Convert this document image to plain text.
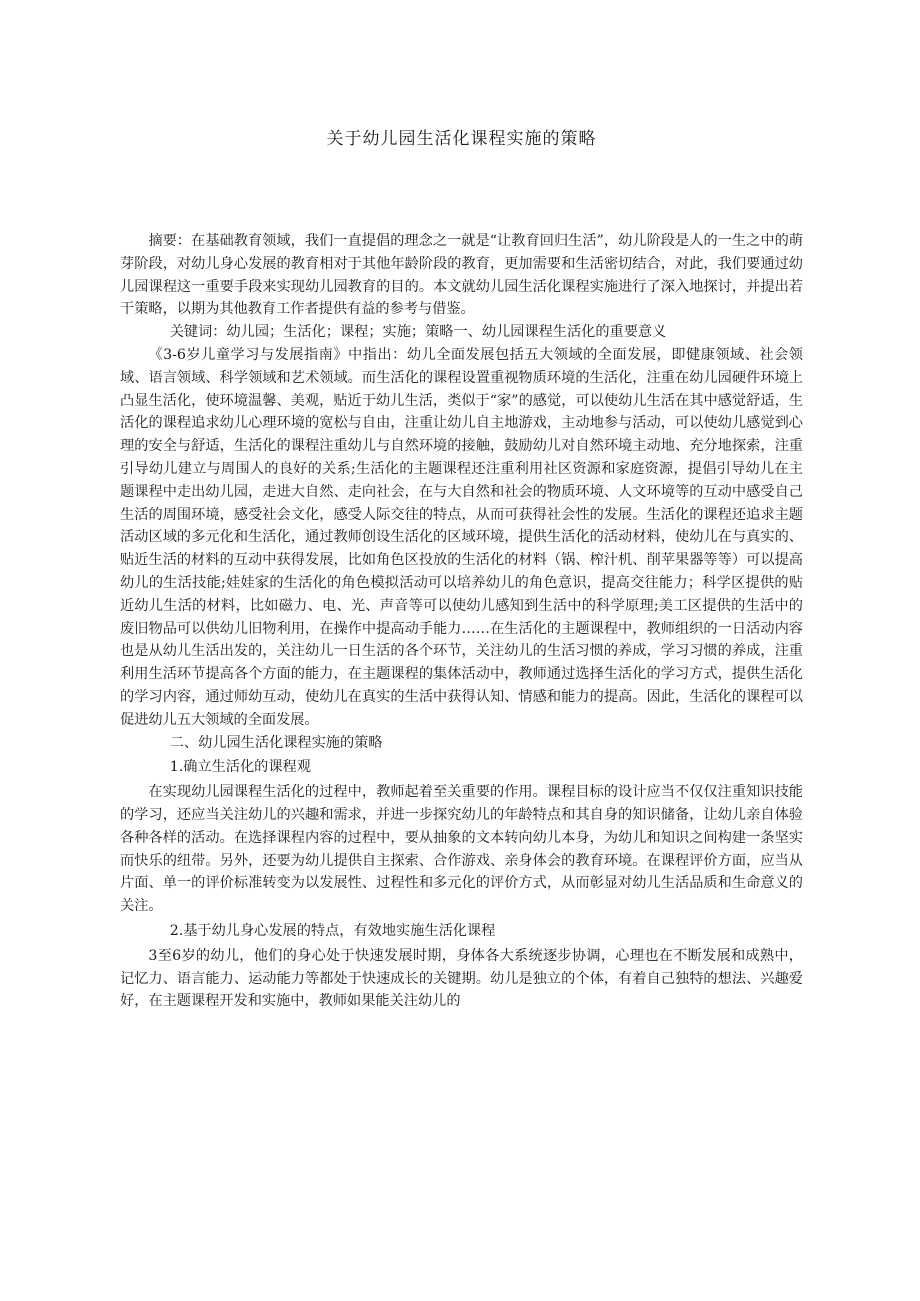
关于幼儿园生活化课程实施的策略

摘要：在基础教育领域，我们一直提倡的理念之一就是“让教育回归生活”，幼儿阶段是人的一生之中的萌芽阶段，对幼儿身心发展的教育相对于其他年龄阶段的教育，更加需要和生活密切结合，对此，我们要通过幼儿园课程这一重要手段来实现幼儿园教育的目的。本文就幼儿园生活化课程实施进行了深入地探讨，并提出若干策略，以期为其他教育工作者提供有益的参考与借鉴。

关键词：幼儿园；生活化；课程；实施；策略一、幼儿园课程生活化的重要意义

《3-6岁儿童学习与发展指南》中指出：幼儿全面发展包括五大领域的全面发展，即健康领域、社会领域、语言领域、科学领域和艺术领域。而生活化的课程设置重视物质环境的生活化，注重在幼儿园硬件环境上凸显生活化，使环境温馨、美观，贴近于幼儿生活，类似于“家”的感觉，可以使幼儿生活在其中感觉舒适，生活化的课程追求幼儿心理环境的宽松与自由，注重让幼儿自主地游戏，主动地参与活动，可以使幼儿感觉到心理的安全与舒适，生活化的课程注重幼儿与自然环境的接触，鼓励幼儿对自然环境主动地、充分地探索，注重引导幼儿建立与周围人的良好的关系;生活化的主题课程还注重利用社区资源和家庭资源，提倡引导幼儿在主题课程中走出幼儿园，走进大自然、走向社会，在与大自然和社会的物质环境、人文环境等的互动中感受自己生活的周围环境，感受社会文化，感受人际交往的特点，从而可获得社会性的发展。生活化的课程还追求主题活动区域的多元化和生活化，通过教师创设生活化的区域环境，提供生活化的活动材料，使幼儿在与真实的、贴近生活的材料的互动中获得发展，比如角色区投放的生活化的材料（锅、榨汁机、削苹果器等等）可以提高幼儿的生活技能;娃娃家的生活化的角色模拟活动可以培养幼儿的角色意识，提高交往能力；科学区提供的贴近幼儿生活的材料，比如磁力、电、光、声音等可以使幼儿感知到生活中的科学原理;美工区提供的生活中的废旧物品可以供幼儿旧物利用，在操作中提高动手能力……在生活化的主题课程中，教师组织的一日活动内容也是从幼儿生活出发的，关注幼儿一日生活的各个环节，关注幼儿的生活习惯的养成，学习习惯的养成，注重利用生活环节提高各个方面的能力，在主题课程的集体活动中，教师通过选择生活化的学习方式，提供生活化的学习内容，通过师幼互动，使幼儿在真实的生活中获得认知、情感和能力的提高。因此，生活化的课程可以促进幼儿五大领域的全面发展。

二、幼儿园生活化课程实施的策略

1.确立生活化的课程观

在实现幼儿园课程生活化的过程中，教师起着至关重要的作用。课程目标的设计应当不仅仅注重知识技能的学习，还应当关注幼儿的兴趣和需求，并进一步探究幼儿的年龄特点和其自身的知识储备，让幼儿亲自体验各种各样的活动。在选择课程内容的过程中，要从抽象的文本转向幼儿本身，为幼儿和知识之间构建一条坚实而快乐的纽带。另外，还要为幼儿提供自主探索、合作游戏、亲身体会的教育环境。在课程评价方面，应当从片面、单一的评价标准转变为以发展性、过程性和多元化的评价方式，从而彰显对幼儿生活品质和生命意义的关注。

2.基于幼儿身心发展的特点，有效地实施生活化课程

3至6岁的幼儿，他们的身心处于快速发展时期，身体各大系统逐步协调，心理也在不断发展和成熟中，记忆力、语言能力、运动能力等都处于快速成长的关键期。幼儿是独立的个体，有着自己独特的想法、兴趣爱好，在主题课程开发和实施中，教师如果能关注幼儿的
